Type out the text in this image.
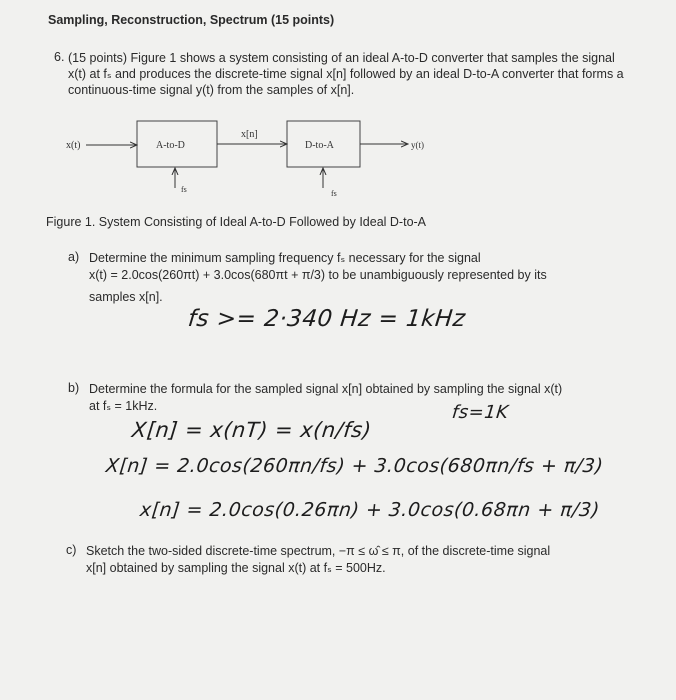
Sampling, Reconstruction, Spectrum (15 points)
6. (15 points) Figure 1 shows a system consisting of an ideal A-to-D converter that samples the signal x(t) at fₛ and produces the discrete-time signal x[n] followed by an ideal D-to-A converter that forms a continuous-time signal y(t) from the samples of x[n].
x(t)	A-to-D
x[n]
D-to-A	y(t)
fs	fs
Figure 1. System Consisting of Ideal A-to-D Followed by Ideal D-to-A
a) Determine the minimum sampling frequency fₛ necessary for the signal
x(t) = 2.0cos(260πt) + 3.0cos(680πt + π/3) to be unambiguously represented by its
samples x[n].
fs >= 2·340 Hz = 1kHz
b) Determine the formula for the sampled signal x[n] obtained by sampling the signal x(t)
at fₛ = 1kHz.	fs=1K
X[n] = x(nT) = x(n/fs)
X[n] = 2.0cos(260πn/fs) + 3.0cos(680πn/fs + π/3)
x[n] = 2.0cos(0.26πn) + 3.0cos(0.68πn + π/3)
c) Sketch the two-sided discrete-time spectrum, −π ≤ ω̂ ≤ π, of the discrete-time signal
x[n] obtained by sampling the signal x(t) at fₛ = 500Hz.
